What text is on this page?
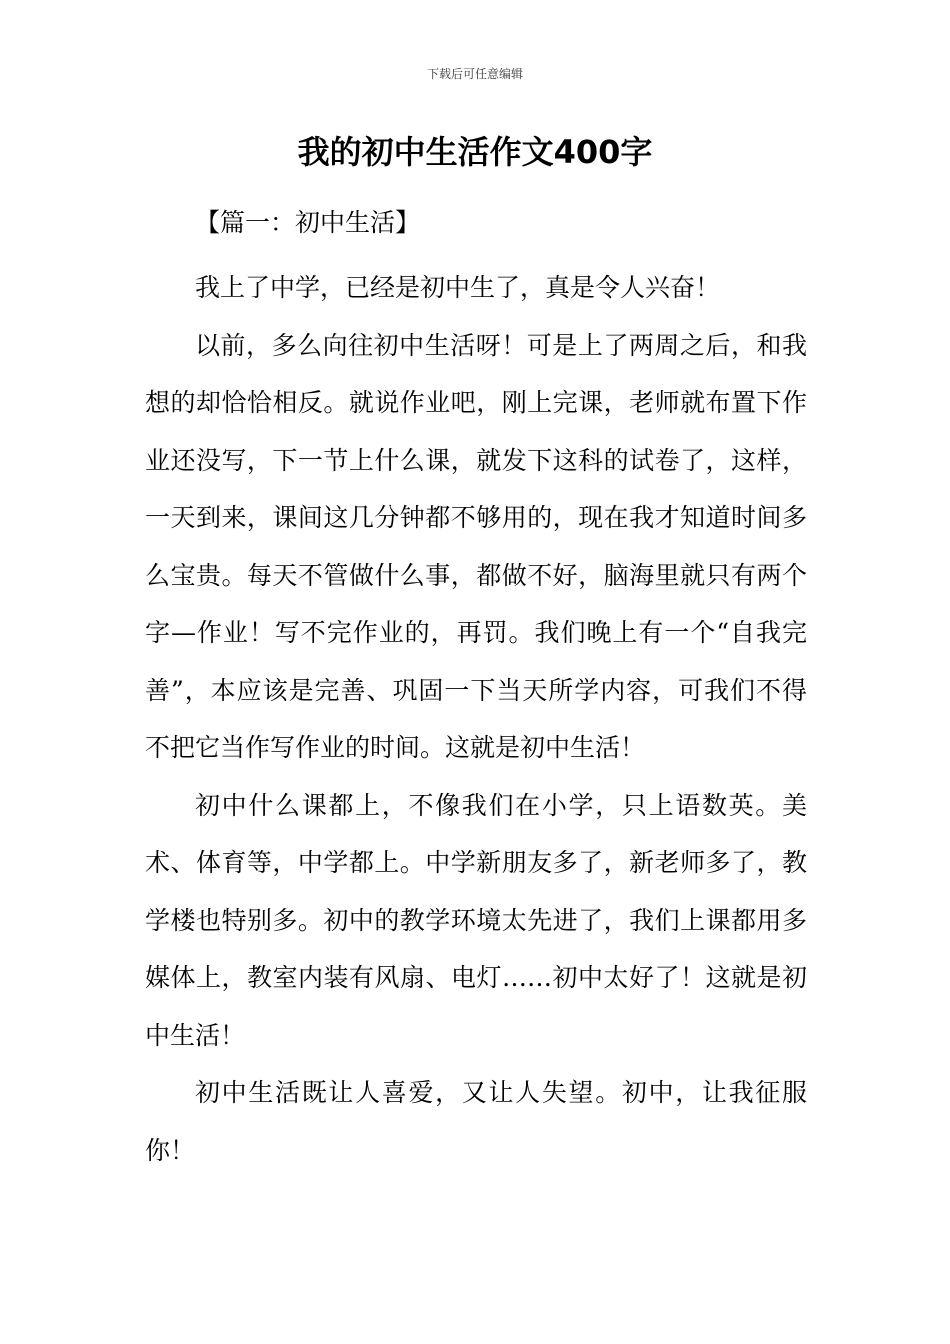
下载后可任意编辑
我的初中生活作文400字
【篇一：初中生活】

我上了中学，已经是初中生了，真是令人兴奋！

以前，多么向往初中生活呀！可是上了两周之后，和我想的却恰恰相反。就说作业吧，刚上完课，老师就布置下作业还没写，下一节上什么课，就发下这科的试卷了，这样，一天到来，课间这几分钟都不够用的，现在我才知道时间多么宝贵。每天不管做什么事，都做不好，脑海里就只有两个字—作业！写不完作业的，再罚。我们晚上有一个“自我完善”，本应该是完善、巩固一下当天所学内容，可我们不得不把它当作写作业的时间。这就是初中生活！

初中什么课都上，不像我们在小学，只上语数英。美术、体育等，中学都上。中学新朋友多了，新老师多了，教学楼也特别多。初中的教学环境太先进了，我们上课都用多媒体上，教室内装有风扇、电灯……初中太好了！这就是初中生活！

初中生活既让人喜爱，又让人失望。初中，让我征服你！
